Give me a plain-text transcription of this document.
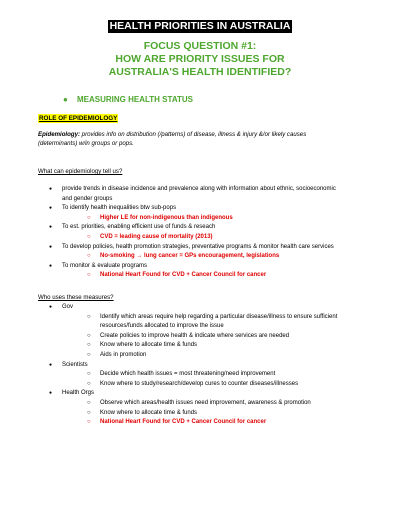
HEALTH PRIORITIES IN AUSTRALIA
FOCUS QUESTION #1:
HOW ARE PRIORITY ISSUES FOR
AUSTRALIA'S HEALTH IDENTIFIED?
● MEASURING HEALTH STATUS
ROLE OF EPIDEMIOLOGY
Epidemiology: provides info on distribution (/patterns) of disease, illness & injury &/or likely causes
(determinants) w/in groups or pops.
What can epidemiology tell us?
● provide trends in disease incidence and prevalence along with information about ethnic, socioeconomic
and gender groups
● To identify health inequalities btw sub-pops
○ Higher LE for non-indigenous than indigenous
● To est. priorities, enabling efficient use of funds & reseach
○ CVD = leading cause of mortality (2013)
● To develop policies, health promotion strategies, preventative programs & monitor health care services
○ No-smoking → lung cancer = GPs encouragement, legislations
● To monitor & evaluate programs
○ National Heart Found for CVD + Cancer Council for cancer
Who uses these measures?
● Gov
○ Identify which areas require help regarding a particular disease/illness to ensure sufficient
resources/funds allocated to improve the issue
○ Create policies to improve health & indicate where services are needed
○ Know where to allocate time & funds
○ Aids in promotion
● Scientists
○ Decide which health issues = most threatening/need improvement
○ Know where to study/research/develop cures to counter diseases/illnesses
● Health Orgs
○ Observe which areas/health issues need improvement, awareness & promotion
○ Know where to allocate time & funds
○ National Heart Found for CVD + Cancer Council for cancer
